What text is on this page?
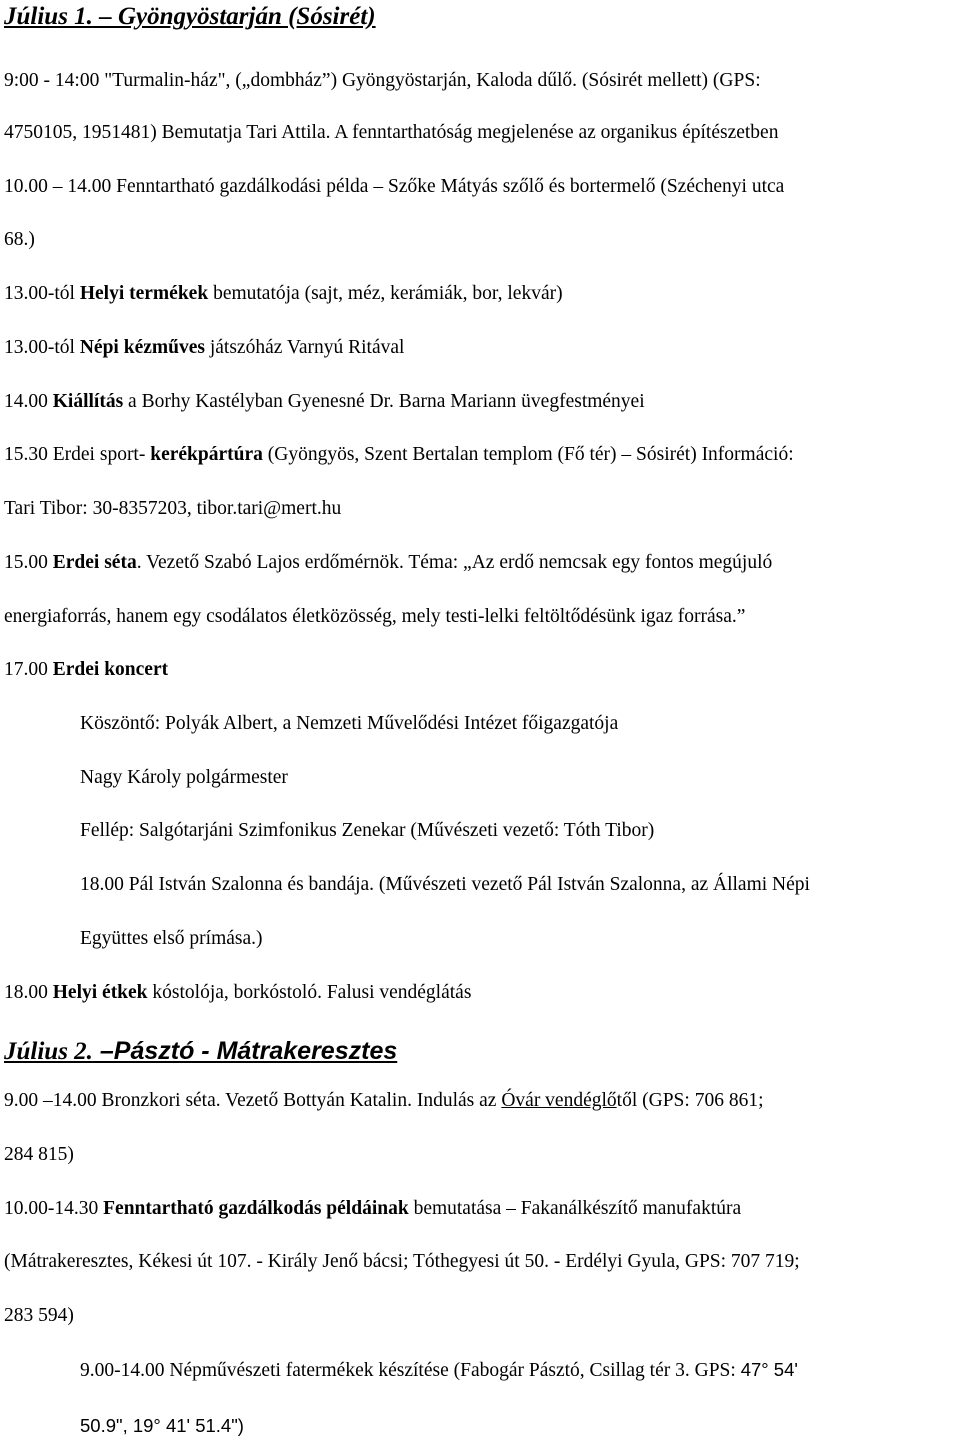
Július 1. – Gyöngyöstarján (Sósirét)
9:00 - 14:00 "Turmalin-ház", („dombház”) Gyöngyöstarján, Kaloda dűlő. (Sósirét mellett) (GPS:
4750105, 1951481) Bemutatja Tari Attila. A fenntarthatóság megjelenése az organikus építészetben
10.00 – 14.00 Fenntartható gazdálkodási példa – Szőke Mátyás szőlő és bortermelő (Széchenyi utca
68.)
13.00-tól Helyi termékek bemutatója (sajt, méz, kerámiák, bor, lekvár)
13.00-tól Népi kézműves játszóház Varnyú Ritával
14.00 Kiállítás a Borhy Kastélyban Gyenesné Dr. Barna Mariann üvegfestményei
15.30 Erdei sport- kerékpártúra (Gyöngyös, Szent Bertalan templom (Fő tér) – Sósirét) Információ:
Tari Tibor: 30-8357203, tibor.tari@mert.hu
15.00 Erdei séta. Vezető Szabó Lajos erdőmérnök. Téma: „Az erdő nemcsak egy fontos megújuló
energiaforrás, hanem egy csodálatos életközösség, mely testi-lelki feltöltődésünk igaz forrása.”
17.00 Erdei koncert
Köszöntő: Polyák Albert, a Nemzeti Művelődési Intézet főigazgatója
Nagy Károly polgármester
Fellép: Salgótarjáni Szimfonikus Zenekar (Művészeti vezető: Tóth Tibor)
18.00 Pál István Szalonna és bandája. (Művészeti vezető Pál István Szalonna, az Állami Népi
Együttes első prímása.)
18.00 Helyi étkek kóstolója, borkóstoló. Falusi vendéglátás
Július 2. –Pásztó - Mátrakeresztes
9.00 –14.00 Bronzkori séta. Vezető Bottyán Katalin. Indulás az Óvár vendéglőtől (GPS: 706 861;
284 815)
10.00-14.30 Fenntartható gazdálkodás példáinak bemutatása – Fakanálkészítő manufaktúra
(Mátrakeresztes, Kékesi út 107. - Király Jenő bácsi; Tóthegyesi út 50. - Erdélyi Gyula, GPS: 707 719;
283 594)
9.00-14.00 Népművészeti fatermékek készítése (Fabogár Pásztó, Csillag tér 3. GPS: 47° 54'
50.9", 19° 41' 51.4")
